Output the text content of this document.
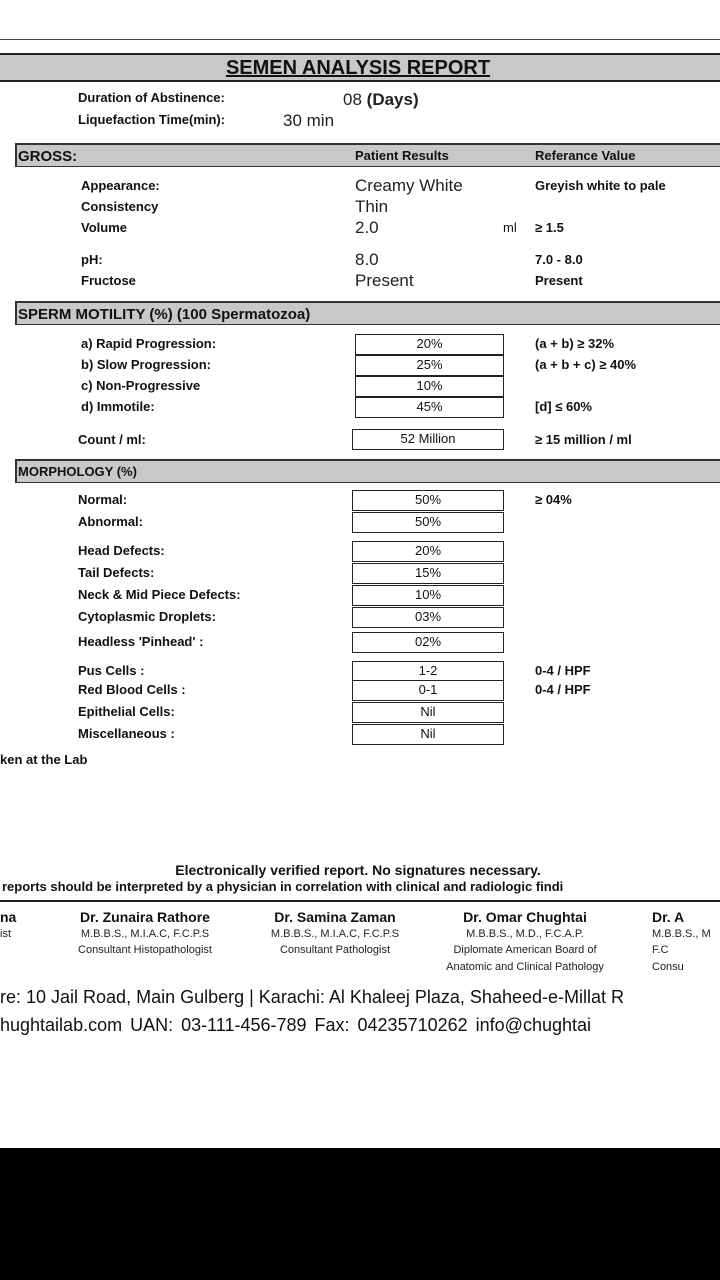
SEMEN ANALYSIS REPORT
Duration of Abstinence:	08 (Days)
Liquefaction Time(min):	30 min
GROSS:	Patient Results	Referance Value
Appearance:	Creamy White	Greyish white to pale
Consistency	Thin
Volume	2.0	ml ≥ 1.5
pH:	8.0	7.0 - 8.0
Fructose	Present	Present
SPERM MOTILITY (%) (100 Spermatozoa)
a) Rapid Progression:	20%	(a + b) ≥ 32%
b) Slow Progression:	25%	(a + b + c) ≥ 40%
c) Non-Progressive	10%
d) Immotile:	45%	[d] ≤ 60%
Count / ml:	52 Million	≥ 15 million / ml
MORPHOLOGY (%)
Normal:	50%	≥ 04%
Abnormal:	50%
Head Defects:	20%
Tail Defects:	15%
Neck & Mid Piece Defects:	10%
Cytoplasmic Droplets:	03%
Headless 'Pinhead' :	02%
Pus Cells :	1-2	0-4 / HPF
Red Blood Cells :	0-1	0-4 / HPF
Epithelial Cells:	Nil
Miscellaneous :	Nil
ken at the Lab
Electronically verified report. No signatures necessary.
reports should be interpreted by a physician in correlation with clinical and radiologic findi
na
ist
Dr. Zunaira Rathore
M.B.B.S., M.I.A.C, F.C.P.S
Consultant Histopathologist
Dr. Samina Zaman
M.B.B.S., M.I.A.C, F.C.P.S
Consultant Pathologist
Dr. Omar Chughtai
M.B.B.S., M.D., F.C.A.P.
Diplomate American Board of
Anatomic and Clinical Pathology
Dr. A
M.B.B.S., M
F.C
Consu
re: 10 Jail Road, Main Gulberg | Karachi: Al Khaleej Plaza, Shaheed-e-Millat R
hughtailab.com UAN: 03-111-456-789 Fax: 04235710262 info@chughtai
